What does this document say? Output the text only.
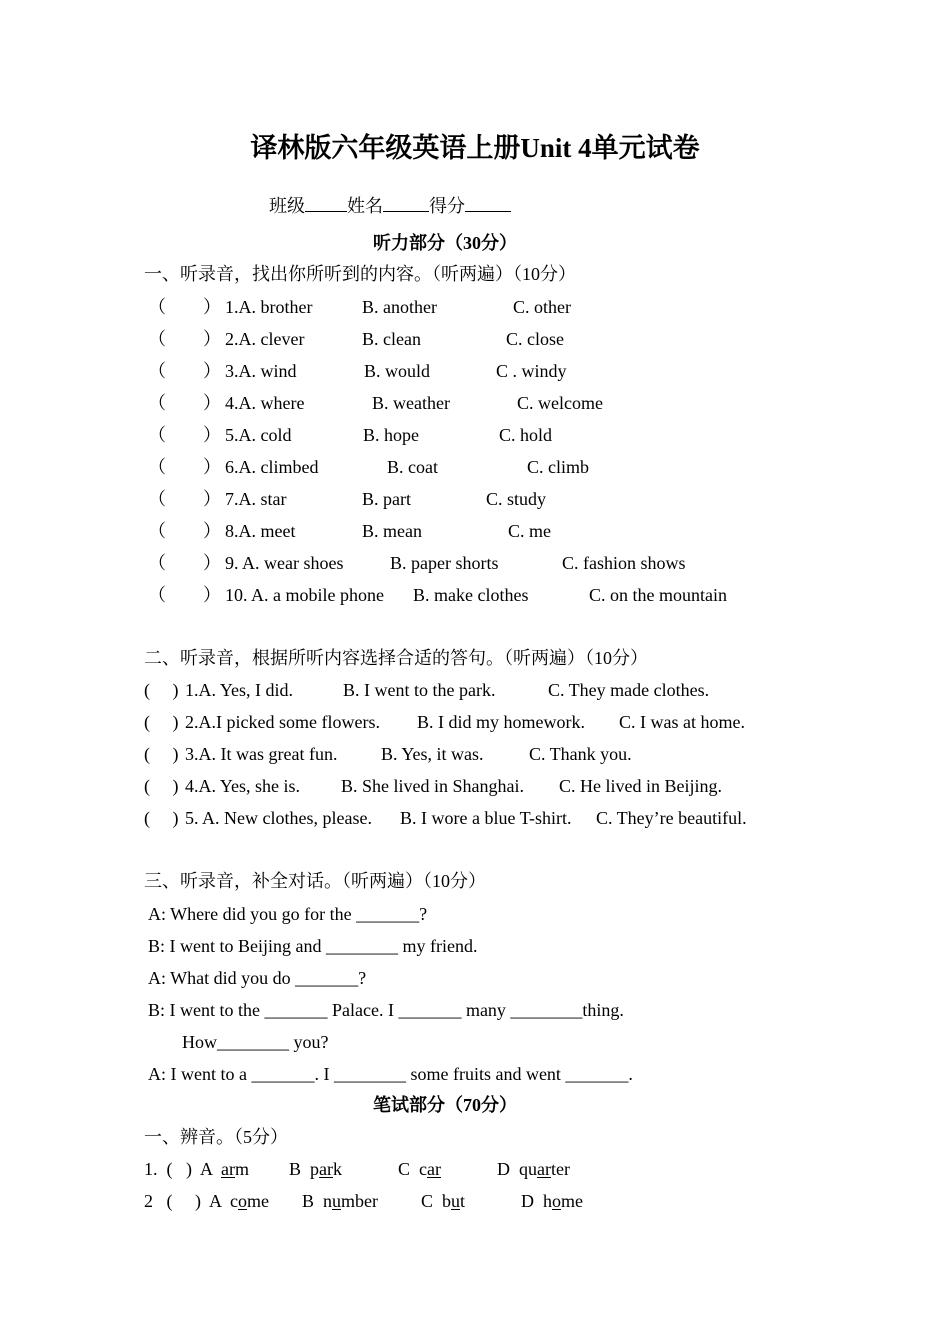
译林版六年级英语上册Unit 4单元试卷

班级 姓名	得分

听力部分（30分）
一、听录音，找出你所听到的内容。（听两遍）（10分）
（ ） 1.A. brother	B. another	C. other
（ ） 2.A. clever	B. clean	C. close
（ ） 3.A. wind	B. would	C . windy
（ ） 4.A. where	B. weather	C. welcome
（ ） 5.A. cold	B. hope	C. hold
（ ） 6.A. climbed	B. coat	C. climb
（ ） 7.A. star	B. part	C. study
（ ） 8.A. meet	B. mean	C. me
（ ） 9. A. wear shoes	B. paper shorts	C. fashion shows
（ ） 10. A. a mobile phone B. make clothes	C. on the mountain
二、听录音，根据所听内容选择合适的答句。（听两遍）（10分）
(     ) 1.A. Yes, I did.	B. I went to the park.	C. They made clothes.
(     ) 2.A.I picked some flowers. B. I did my homework. C. I was at home.
(     ) 3.A. It was great fun. B. Yes, it was.	C. Thank you.
(     ) 4.A. Yes, she is. B. She lived in Shanghai. C. He lived in Beijing.
(     ) 5. A. New clothes, please. B. I wore a blue T-shirt. C. They’re beautiful.
三、听录音，补全对话。（听两遍）（10分）
A: Where did you go for the _______?
B: I went to Beijing and ________ my friend.
A: What did you do _______?
B: I went to the _______ Palace. I _______ many ________thing.
How________ you?
A: I went to a _______. I ________ some fruits and went _______.
笔试部分（70分）
一、辨音。（5分）
1.  (   ) A  arm B  park	C  car	D  quarter
2   (     ) A  come B  number C  but	D  home
